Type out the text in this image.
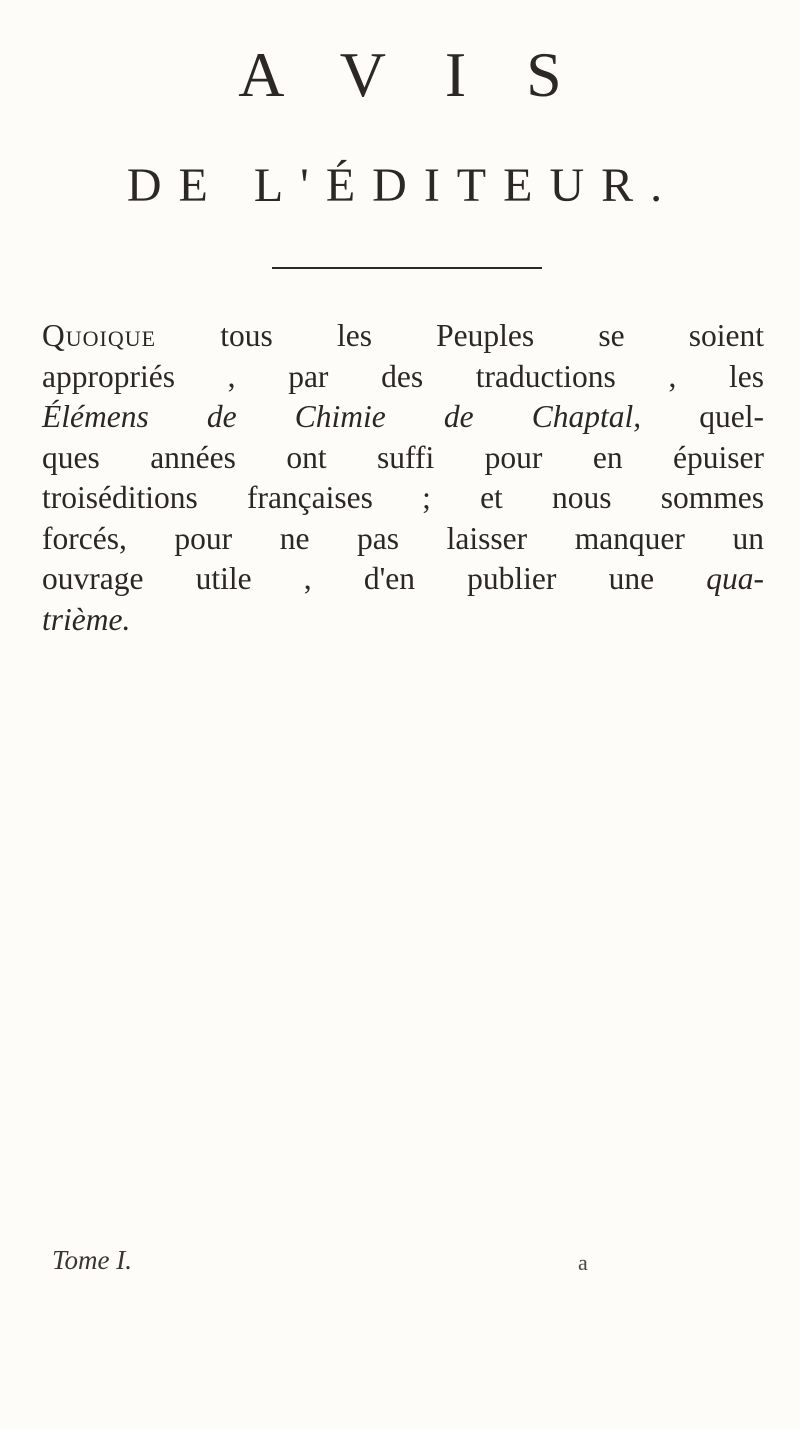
A V I S
DE L'ÉDITEUR.
Quoique tous les Peuples se soient
appropriés , par des traductions , les
Élémens de Chimie de Chaptal, quel-
ques années ont suffi pour en épuiser
troiséditions françaises ; et nous sommes
forcés, pour ne pas laisser manquer un
ouvrage utile , d'en publier une qua-
trième.
Tome I.	a
